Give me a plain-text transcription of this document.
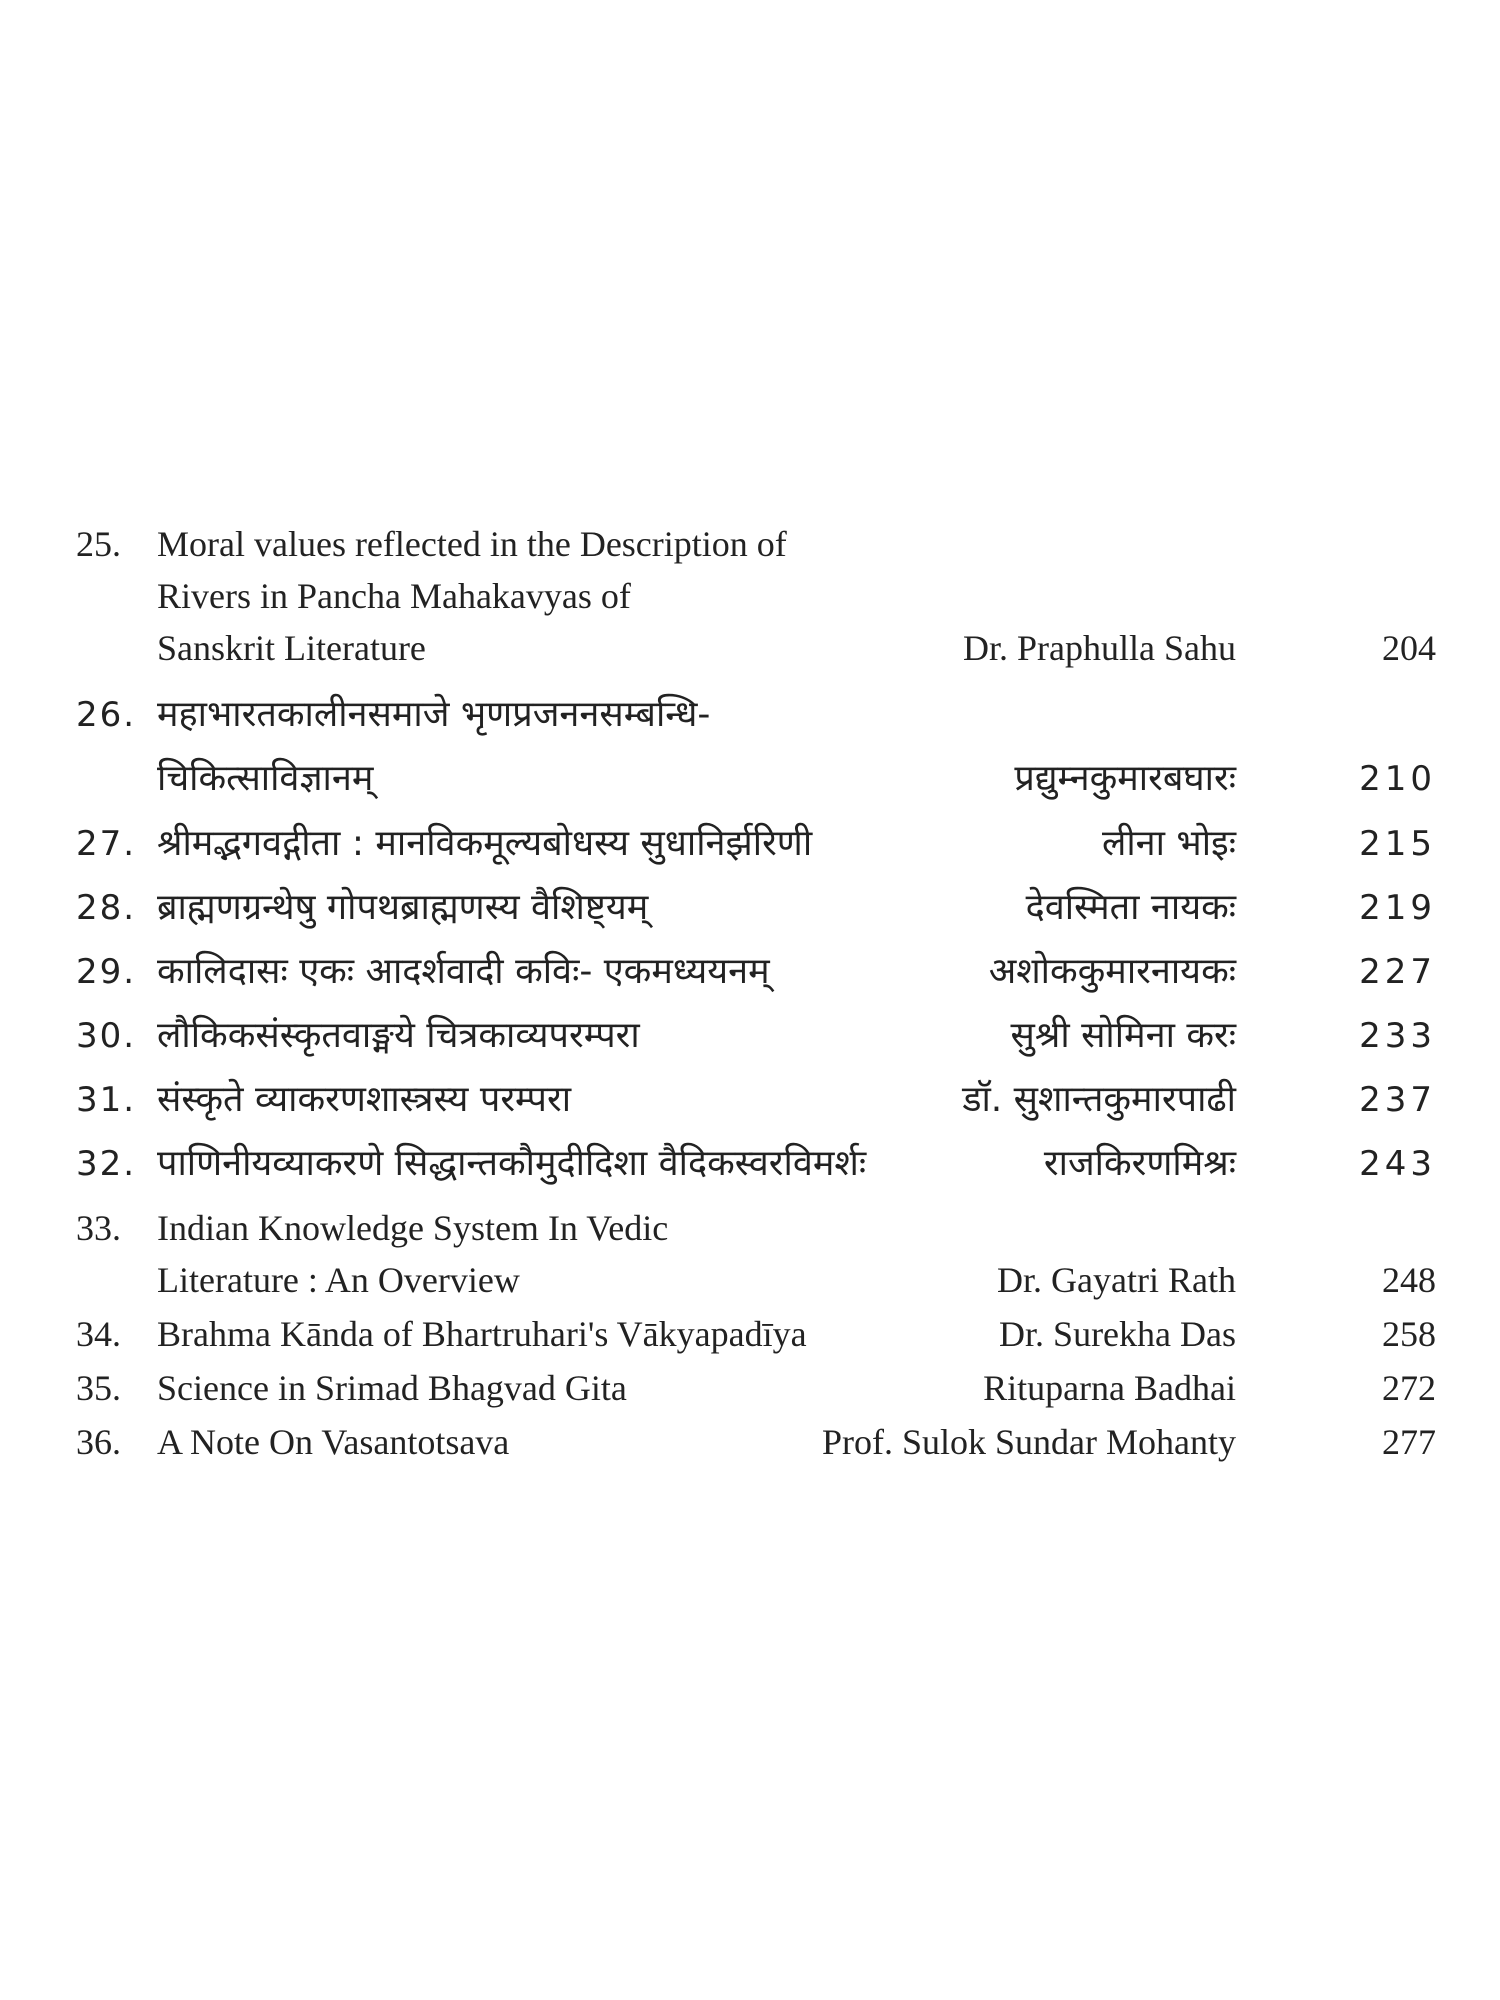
25. Moral values reflected in the Description of
Rivers in Pancha Mahakavyas of
Sanskrit Literature	Dr. Praphulla Sahu	204
26. महाभारतकालीनसमाजे भृणप्रजननसम्बन्धि-
चिकित्साविज्ञानम्	प्रद्युम्नकुमारबघारः	210
27. श्रीमद्भगवद्गीता : मानविकमूल्यबोधस्य सुधानिर्झरिणी	लीना भोइः	215
28. ब्राह्मणग्रन्थेषु गोपथब्राह्मणस्य वैशिष्ट्यम्	देवस्मिता नायकः	219
29. कालिदासः एकः आदर्शवादी कविः- एकमध्ययनम्	अशोककुमारनायकः	227
30. लौकिकसंस्कृतवाङ्मये चित्रकाव्यपरम्परा	सुश्री सोमिना करः	233
31. संस्कृते व्याकरणशास्त्रस्य परम्परा	डॉ. सुशान्तकुमारपाढी	237
32. पाणिनीयव्याकरणे सिद्धान्तकौमुदीदिशा वैदिकस्वरविमर्शः	राजकिरणमिश्रः	243
33. Indian Knowledge System In Vedic
Literature : An Overview	Dr. Gayatri Rath	248
34. Brahma Kānda of Bhartruhari's Vākyapadīya	Dr. Surekha Das	258
35. Science in Srimad Bhagvad Gita	Rituparna Badhai	272
36. A Note On Vasantotsava	Prof. Sulok Sundar Mohanty	277
